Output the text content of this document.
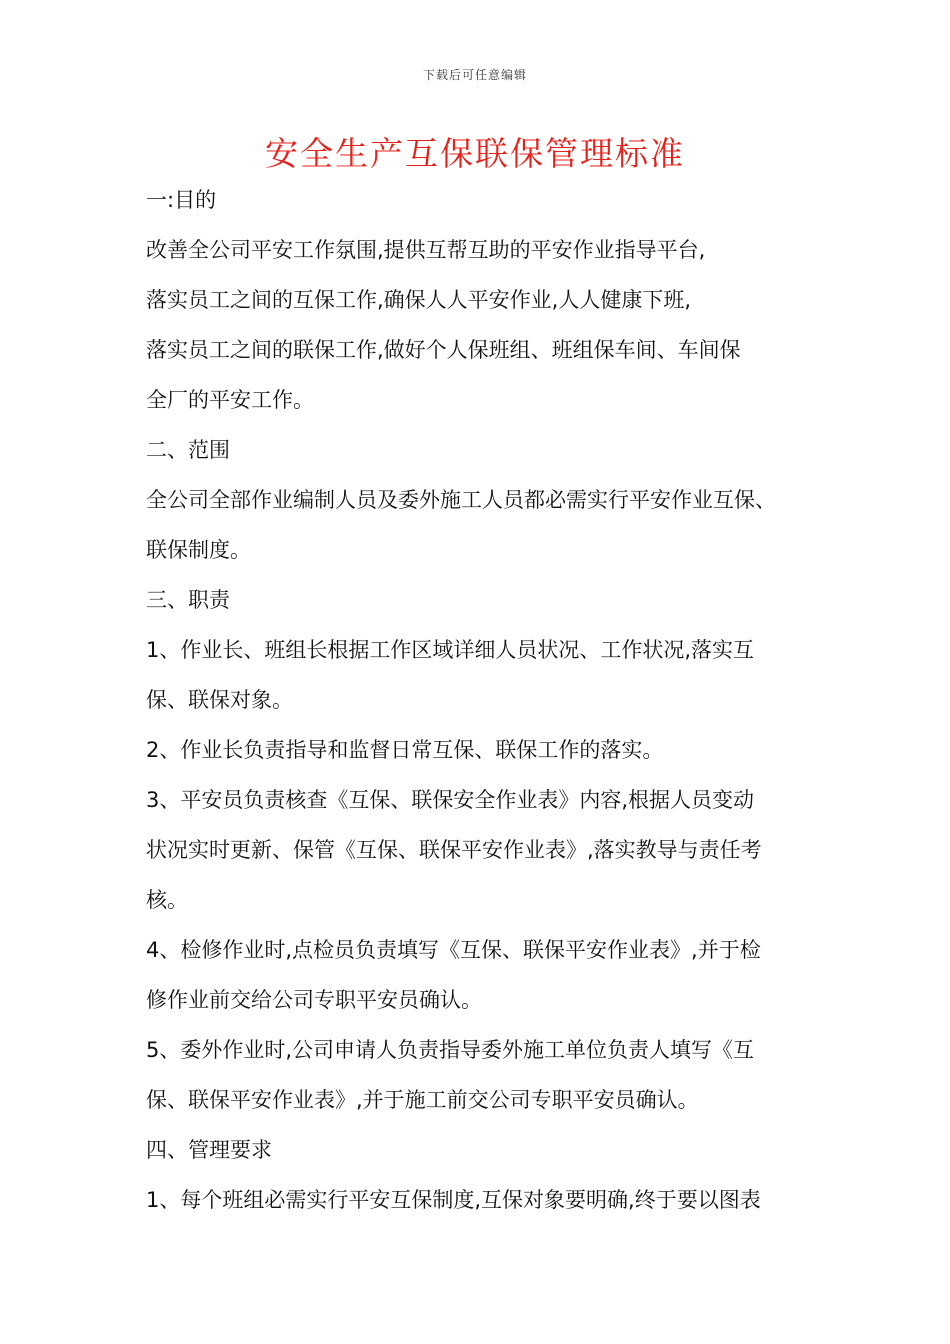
下载后可任意编辑
安全生产互保联保管理标准
一:目的
改善全公司平安工作氛围,提供互帮互助的平安作业指导平台,
落实员工之间的互保工作,确保人人平安作业,人人健康下班,
落实员工之间的联保工作,做好个人保班组、班组保车间、车间保
全厂的平安工作。
二、范围
全公司全部作业编制人员及委外施工人员都必需实行平安作业互保、
联保制度。
三、职责
1、作业长、班组长根据工作区域详细人员状况、工作状况,落实互
保、联保对象。
2、作业长负责指导和监督日常互保、联保工作的落实。
3、平安员负责核查《互保、联保安全作业表》内容,根据人员变动
状况实时更新、保管《互保、联保平安作业表》,落实教导与责任考
核。
4、检修作业时,点检员负责填写《互保、联保平安作业表》,并于检
修作业前交给公司专职平安员确认。
5、委外作业时,公司申请人负责指导委外施工单位负责人填写《互
保、联保平安作业表》,并于施工前交公司专职平安员确认。
四、管理要求
1、每个班组必需实行平安互保制度,互保对象要明确,终于要以图表
